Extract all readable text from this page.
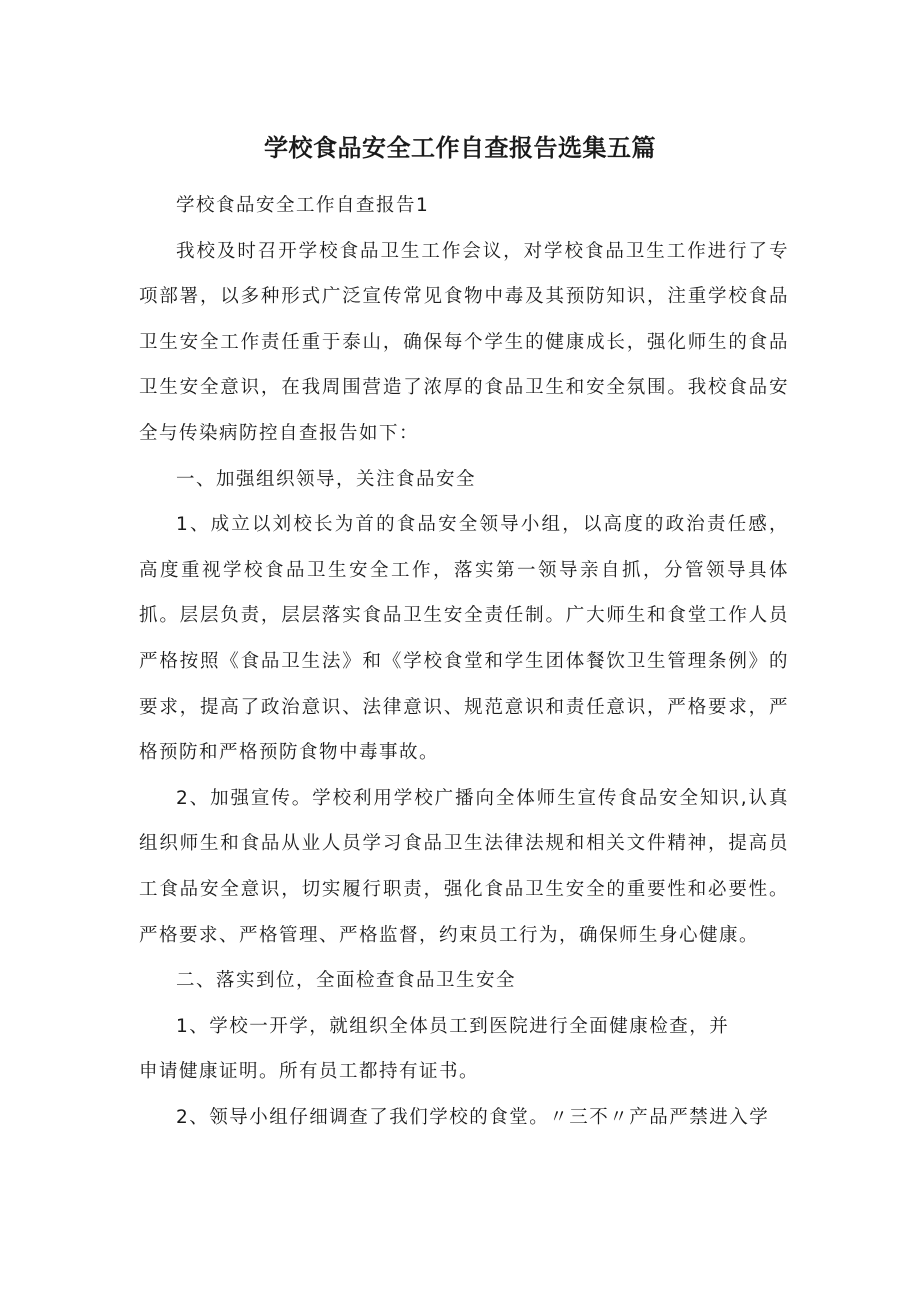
学校食品安全工作自查报告选集五篇

学校食品安全工作自查报告1

我校及时召开学校食品卫生工作会议，对学校食品卫生工作进行了专项部署，以多种形式广泛宣传常见食物中毒及其预防知识，注重学校食品卫生安全工作责任重于泰山，确保每个学生的健康成长，强化师生的食品卫生安全意识，在我周围营造了浓厚的食品卫生和安全氛围。我校食品安全与传染病防控自查报告如下：

一、加强组织领导，关注食品安全

1、成立以刘校长为首的食品安全领导小组，以高度的政治责任感，高度重视学校食品卫生安全工作，落实第一领导亲自抓，分管领导具体抓。层层负责，层层落实食品卫生安全责任制。广大师生和食堂工作人员严格按照《食品卫生法》和《学校食堂和学生团体餐饮卫生管理条例》的要求，提高了政治意识、法律意识、规范意识和责任意识，严格要求，严格预防和严格预防食物中毒事故。

2、加强宣传。学校利用学校广播向全体师生宣传食品安全知识,认真组织师生和食品从业人员学习食品卫生法律法规和相关文件精神，提高员工食品安全意识，切实履行职责，强化食品卫生安全的重要性和必要性。严格要求、严格管理、严格监督，约束员工行为，确保师生身心健康。

二、落实到位，全面检查食品卫生安全

1、学校一开学，就组织全体员工到医院进行全面健康检查，并

申请健康证明。所有员工都持有证书。

2、领导小组仔细调查了我们学校的食堂。〃三不〃产品严禁进入学
